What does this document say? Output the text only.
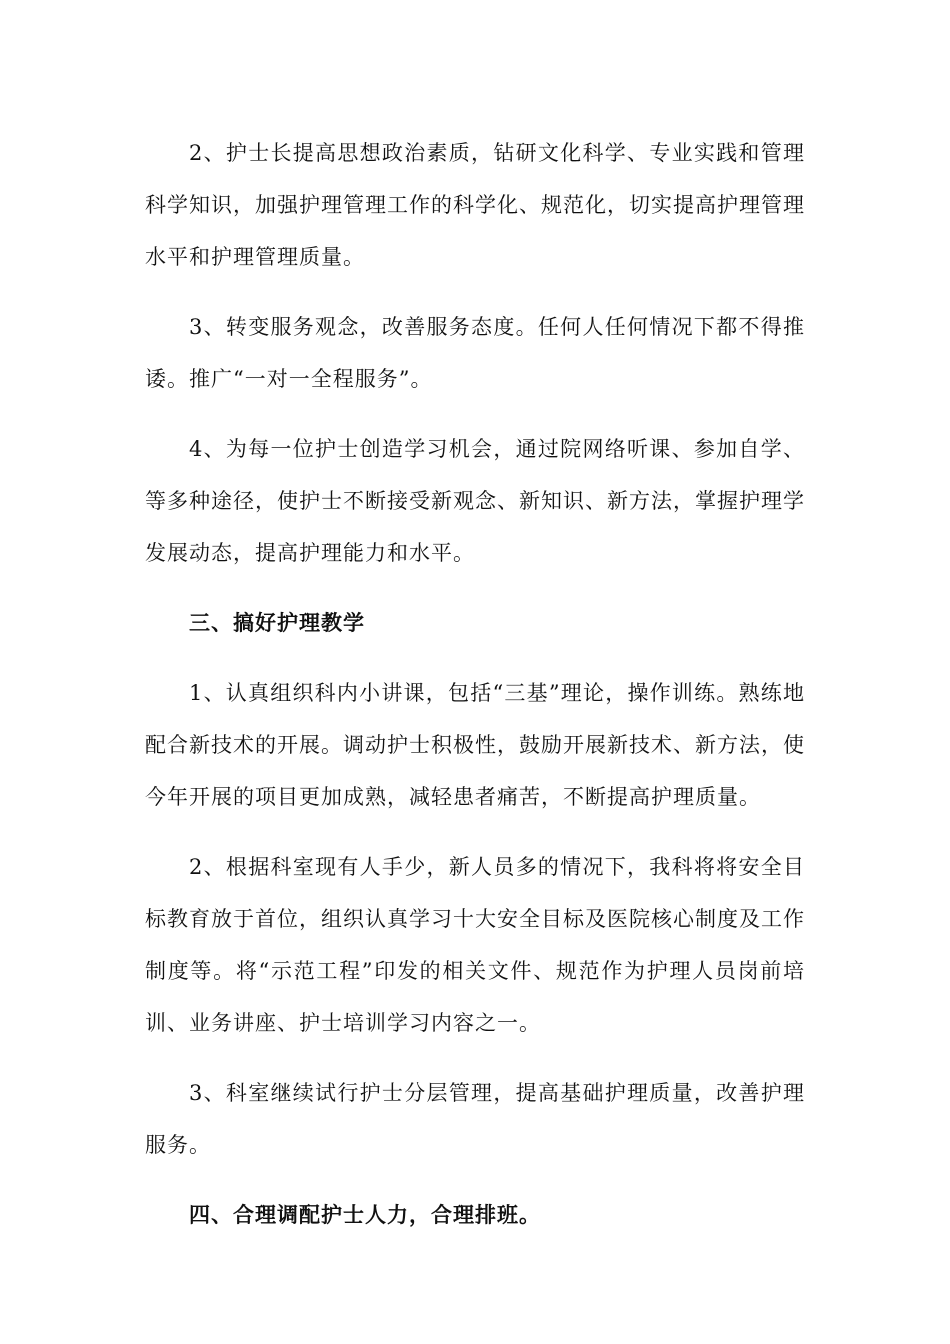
2、护士长提高思想政治素质，钻研文化科学、专业实践和管理科学知识，加强护理管理工作的科学化、规范化，切实提高护理管理水平和护理管理质量。

3、转变服务观念，改善服务态度。任何人任何情况下都不得推诿。推广“一对一全程服务”。

4、为每一位护士创造学习机会，通过院网络听课、参加自学、等多种途径，使护士不断接受新观念、新知识、新方法，掌握护理学发展动态，提高护理能力和水平。

三、搞好护理教学

1、认真组织科内小讲课，包括“三基”理论，操作训练。熟练地配合新技术的开展。调动护士积极性，鼓励开展新技术、新方法，使今年开展的项目更加成熟，减轻患者痛苦，不断提高护理质量。

2、根据科室现有人手少，新人员多的情况下，我科将将安全目标教育放于首位，组织认真学习十大安全目标及医院核心制度及工作制度等。将“示范工程”印发的相关文件、规范作为护理人员岗前培训、业务讲座、护士培训学习内容之一。

3、科室继续试行护士分层管理，提高基础护理质量，改善护理服务。

四、合理调配护士人力，合理排班。
